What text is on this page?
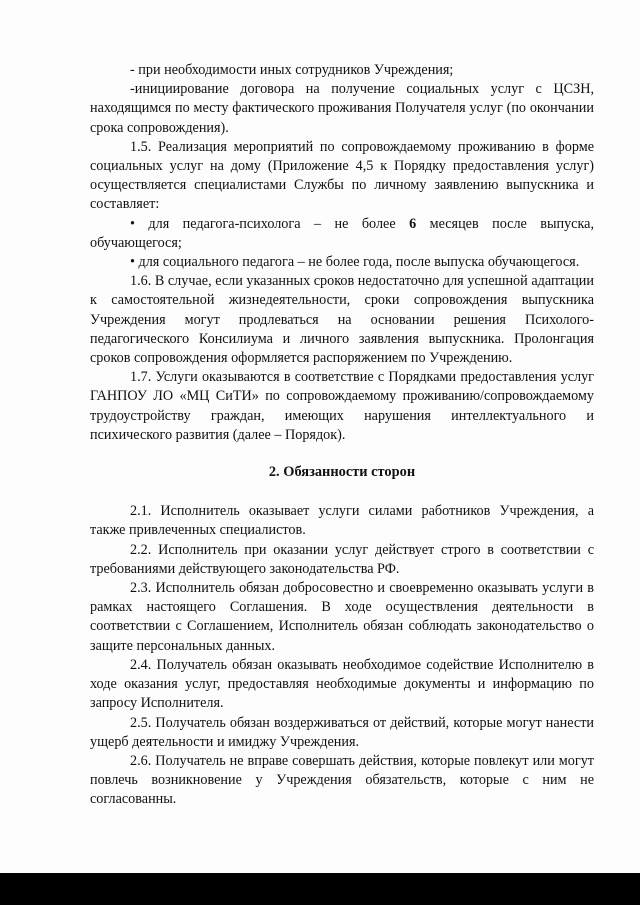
- при необходимости иных сотрудников Учреждения;

-инициирование договора на получение социальных услуг с ЦСЗН, находящимся по месту фактического проживания Получателя услуг (по окончании срока сопровождения).

1.5. Реализация мероприятий по сопровождаемому проживанию в форме социальных услуг на дому (Приложение 4,5 к Порядку предоставления услуг) осуществляется специалистами Службы по личному заявлению выпускника и составляет:

• для педагога-психолога – не более 6 месяцев после выпуска, обучающегося;

• для социального педагога – не более года, после выпуска обучающегося.

1.6. В случае, если указанных сроков недостаточно для успешной адаптации к самостоятельной жизнедеятельности, сроки сопровождения выпускника Учреждения могут продлеваться на основании решения Психолого-педагогического Консилиума и личного заявления выпускника. Пролонгация сроков сопровождения оформляется распоряжением по Учреждению.

1.7. Услуги оказываются в соответствие с Порядками предоставления услуг ГАНПОУ ЛО «МЦ СиТИ» по сопровождаемому проживанию/сопровождаемому трудоустройству граждан, имеющих нарушения интеллектуального и психического развития (далее – Порядок).

2. Обязанности сторон

2.1. Исполнитель оказывает услуги силами работников Учреждения, а также привлеченных специалистов.

2.2. Исполнитель при оказании услуг действует строго в соответствии с требованиями действующего законодательства РФ.

2.3. Исполнитель обязан добросовестно и своевременно оказывать услуги в рамках настоящего Соглашения. В ходе осуществления деятельности в соответствии с Соглашением, Исполнитель обязан соблюдать законодательство о защите персональных данных.

2.4. Получатель обязан оказывать необходимое содействие Исполнителю в ходе оказания услуг, предоставляя необходимые документы и информацию по запросу Исполнителя.

2.5. Получатель обязан воздерживаться от действий, которые могут нанести ущерб деятельности и имиджу Учреждения.

2.6. Получатель не вправе совершать действия, которые повлекут или могут повлечь возникновение у Учреждения обязательств, которые с ним не согласованны.
